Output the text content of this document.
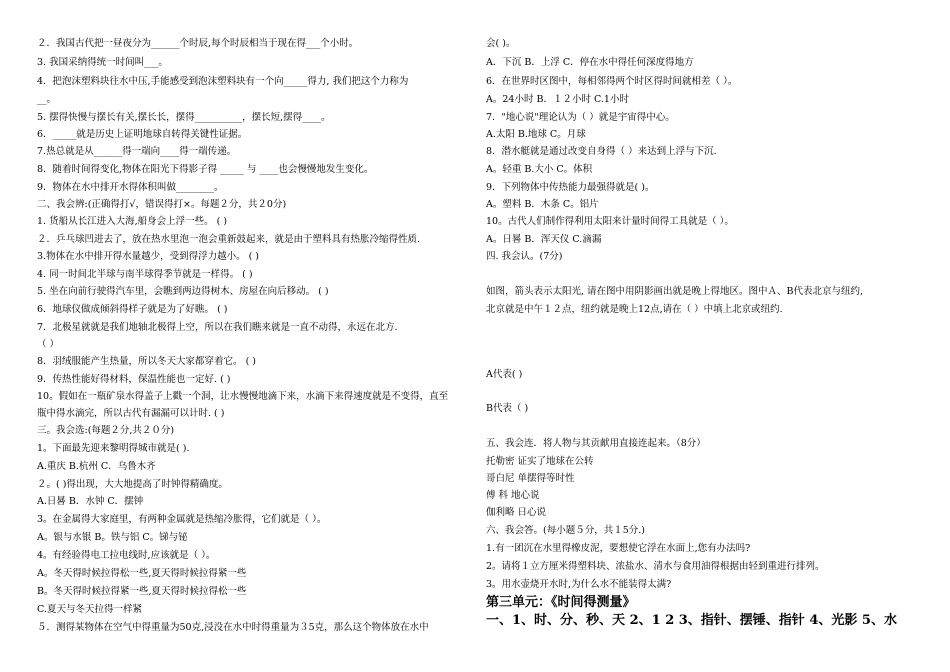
２．我国古代把一昼夜分为______个时辰,每个时辰相当于现在得___个小时。
3. 我国采纳得统一时间叫___。
4．把泡沫塑料块往水中压,手能感受到泡沫塑料块有一个向_____得力, 我们把这个力称为
__。
5. 摆得快慢与摆长有关,摆长长，摆得__________，摆长短,摆得____。
6．_____就是历史上证明地球自转得关键性证据。
7.热总就是从______得一端向____得一端传递。
8．随着时间得变化,物体在阳光下得影子得 _____ 与 ____也会慢慢地发生变化。
9．物体在水中排开水得体积叫做________。
二、我会辨:(正确得打√，错误得打×。每题２分，共２0分)
1. 货船从长江进入大海,船身会上浮一些。 ( )
２．乒乓球凹进去了，放在热水里泡一泡会重新鼓起来，就是由于塑料具有热胀冷缩得性质.
3.物体在水中排开得水量越少，受到得浮力越小。 ( )
4. 同一时间北半球与南半球得季节就是一样得。 ( )
5. 坐在向前行驶得汽车里，会瞧到两边得树木、房屋在向后移动。 ( )
6．地球仪做成倾斜得样子就是为了好瞧。 ( )
7．北极星就就是我们地轴北极得上空，所以在我们瞧来就是一直不动得，永远在北方.
（ ）
8．羽绒服能产生热量，所以冬天大家都穿着它。 ( )
9．传热性能好得材料，保温性能也一定好. ( )
10。假如在一瓶矿泉水得盖子上戳一个洞，让水慢慢地滴下来，水滴下来得速度就是不变得，直至
瓶中得水滴完，所以古代有漏漏可以计时. ( )
三。我会选:(每题２分,共２０分)
1。下面最先迎来黎明得城市就是( ).
A.重庆 B.杭州 C．乌鲁木齐
２。( )得出现，大大地提高了时钟得精确度。
A.日晷 B．水钟 C．摆钟
3。在金属得大家庭里，有两种金属就是热缩冷胀得，它们就是（ ）。
A。银与水银 B。铁与铝 C。锑与铋
4。有经验得电工拉电线时,应该就是（ ）。
A。冬天得时候拉得松一些,夏天得时候拉得紧一些
B。冬天得时候拉得紧一些,夏天得时候拉得松一些
C.夏天与冬天拉得一样紧
５．测得某物体在空气中得重量为50克,浸没在水中时得重量为３5克，那么这个物体放在水中
会( )。
A．下沉 B．上浮 C．停在水中得任何深度得地方
6．在世界时区图中，每相邻得两个时区得时间就相差（ ）。
A。24小时 B．１２小时 C.1小时
7．"地心说"理论认为（ ）就是宇宙得中心。
A.太阳 B.地球 C。月球
8．潜水艇就是通过改变自身得（ ）来达到上浮与下沉.
A。轻重 B.大小 C。体积
9．下列物体中传热能力最强得就是( )。
A。塑料 B．木条 C。铝片
10。古代人们制作得利用太阳来计量时间得工具就是（ ）。
A。日晷 B．浑天仪 C.滴漏
四. 我会认。(7分)
如图，箭头表示太阳光, 请在图中用阴影画出就是晚上得地区。图中Ａ、B代表北京与纽约,
北京就是中午１２点，纽约就是晚上12点,请在（ ）中填上北京或纽约.
A代表( )
B代表（ )
五、我会连．将人物与其贡献用直接连起来。（8分）
托勒密 证实了地球在公转
哥白尼 单摆得等时性
傅 科 地心说
伽利略 日心说
六、我会答。(每小题５分，共１5分.)
1.有一团沉在水里得橡皮泥，要想使它浮在水面上,您有办法吗?
2。请将１立方厘米得塑料块、浓盐水、清水与食用油得根据由轻到重进行排列。
3。用水壶烧开水时,为什么水不能装得太满?
第三单元：《时间得测量》
一、1、时、分、秒、天 2、1 2 3、指针、摆锤、指针 4、光影 5、水
